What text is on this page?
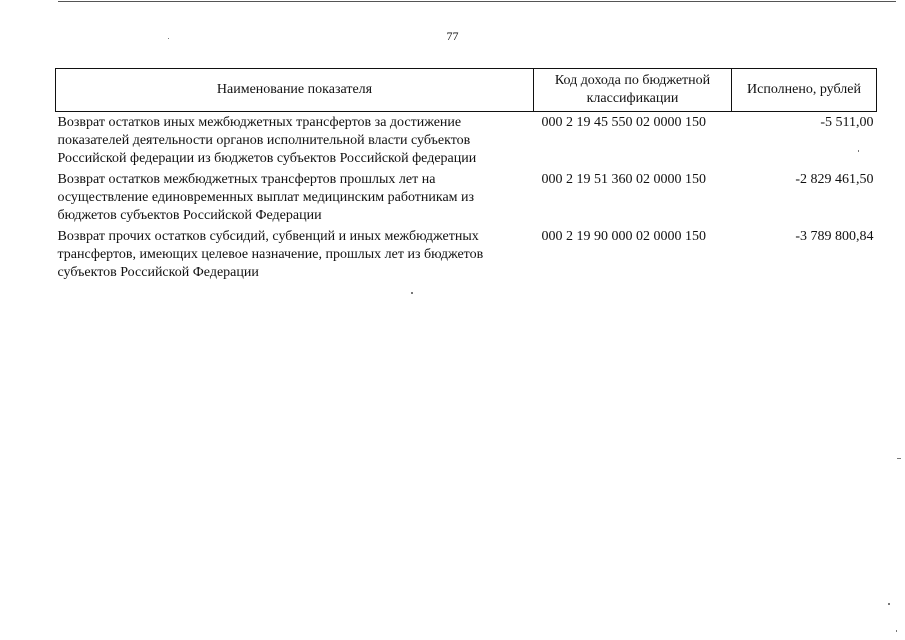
77
Наименование показателя	Код дохода по бюджетной классификации	Исполнено, рублей
Возврат остатков иных межбюджетных трансфертов за достижение показателей деятельности органов исполнительной власти субъектов Российской федерации из бюджетов субъектов Российской федерации	000 2 19 45 550 02 0000 150	-5 511,00
Возврат остатков межбюджетных трансфертов прошлых лет на осуществление единовременных выплат медицинским работникам из бюджетов субъектов Российской Федерации	000 2 19 51 360 02 0000 150	-2 829 461,50
Возврат прочих остатков субсидий, субвенций и иных межбюджетных трансфертов, имеющих целевое назначение, прошлых лет из бюджетов субъектов Российской Федерации	000 2 19 90 000 02 0000 150	-3 789 800,84
